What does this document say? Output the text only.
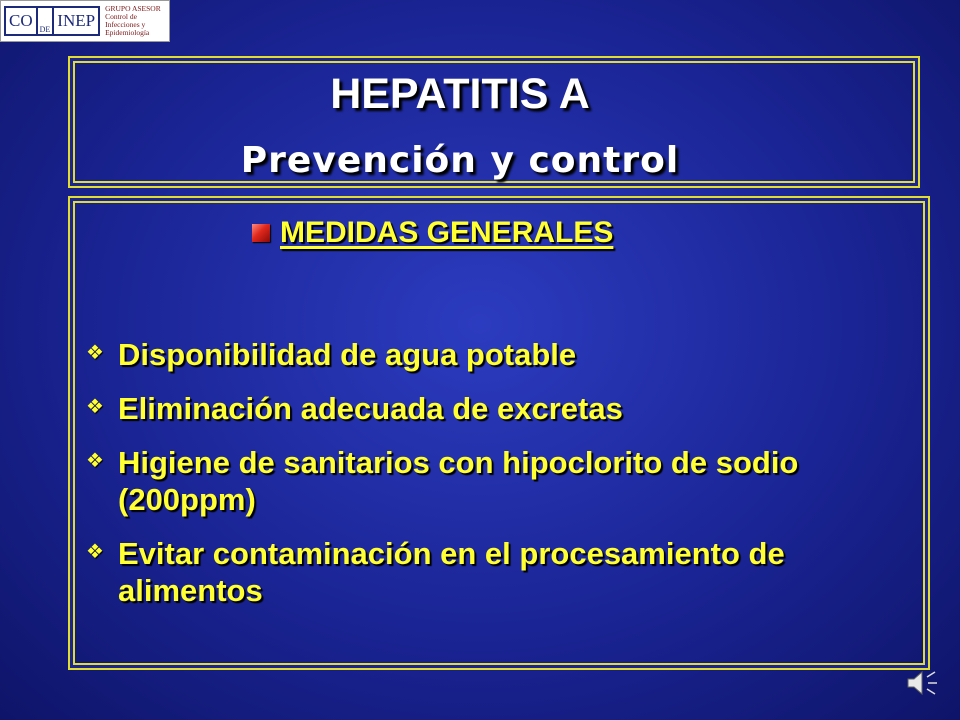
CO DE INEP
GRUPO ASESOR
Control de
Infecciones y
Epidemiología
HEPATITIS A
Prevención y control
MEDIDAS GENERALES
❖ Disponibilidad de agua potable
❖ Eliminación adecuada de excretas
❖ Higiene de sanitarios con hipoclorito de sodio (200ppm)
❖ Evitar contaminación en el procesamiento de alimentos
